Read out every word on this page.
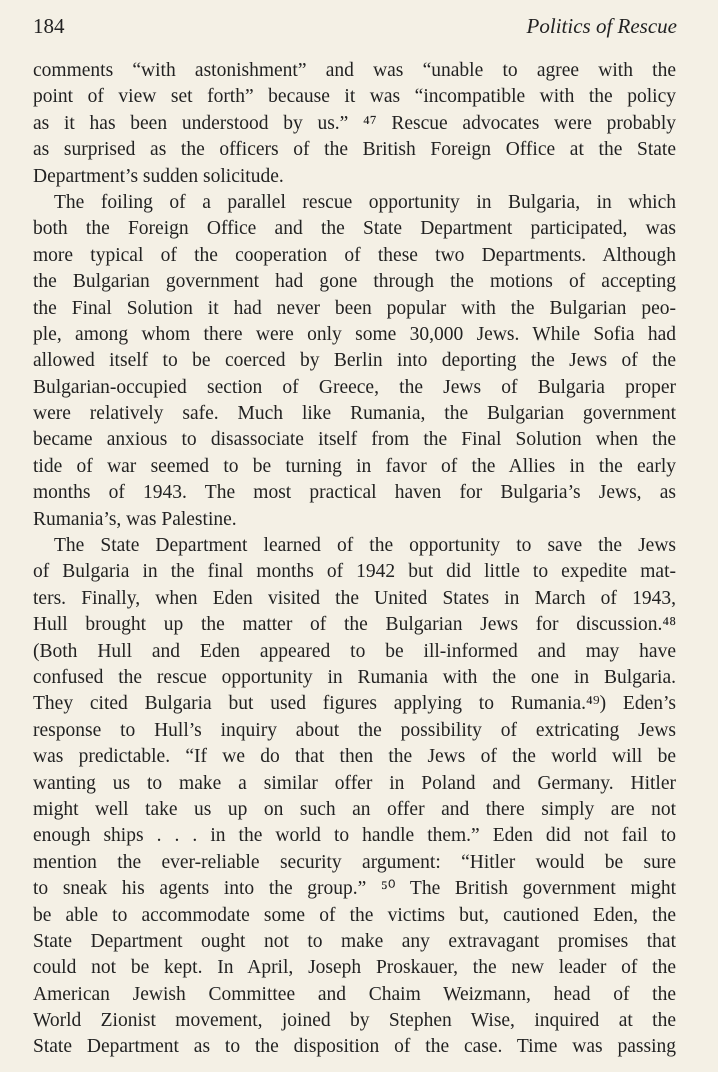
184	Politics of Rescue
comments “with astonishment” and was “unable to agree with the
point of view set forth” because it was “incompatible with the policy
as it has been understood by us.” ⁴⁷ Rescue advocates were probably
as surprised as the officers of the British Foreign Office at the State
Department’s sudden solicitude.
The foiling of a parallel rescue opportunity in Bulgaria, in which
both the Foreign Office and the State Department participated, was
more typical of the cooperation of these two Departments. Although
the Bulgarian government had gone through the motions of accepting
the Final Solution it had never been popular with the Bulgarian peo-
ple, among whom there were only some 30,000 Jews. While Sofia had
allowed itself to be coerced by Berlin into deporting the Jews of the
Bulgarian-occupied section of Greece, the Jews of Bulgaria proper
were relatively safe. Much like Rumania, the Bulgarian government
became anxious to disassociate itself from the Final Solution when the
tide of war seemed to be turning in favor of the Allies in the early
months of 1943. The most practical haven for Bulgaria’s Jews, as
Rumania’s, was Palestine.
The State Department learned of the opportunity to save the Jews
of Bulgaria in the final months of 1942 but did little to expedite mat-
ters. Finally, when Eden visited the United States in March of 1943,
Hull brought up the matter of the Bulgarian Jews for discussion.⁴⁸
(Both Hull and Eden appeared to be ill-informed and may have
confused the rescue opportunity in Rumania with the one in Bulgaria.
They cited Bulgaria but used figures applying to Rumania.⁴⁹) Eden’s
response to Hull’s inquiry about the possibility of extricating Jews
was predictable. “If we do that then the Jews of the world will be
wanting us to make a similar offer in Poland and Germany. Hitler
might well take us up on such an offer and there simply are not
enough ships . . . in the world to handle them.” Eden did not fail to
mention the ever-reliable security argument: “Hitler would be sure
to sneak his agents into the group.” ⁵⁰ The British government might
be able to accommodate some of the victims but, cautioned Eden, the
State Department ought not to make any extravagant promises that
could not be kept. In April, Joseph Proskauer, the new leader of the
American Jewish Committee and Chaim Weizmann, head of the
World Zionist movement, joined by Stephen Wise, inquired at the
State Department as to the disposition of the case. Time was passing
